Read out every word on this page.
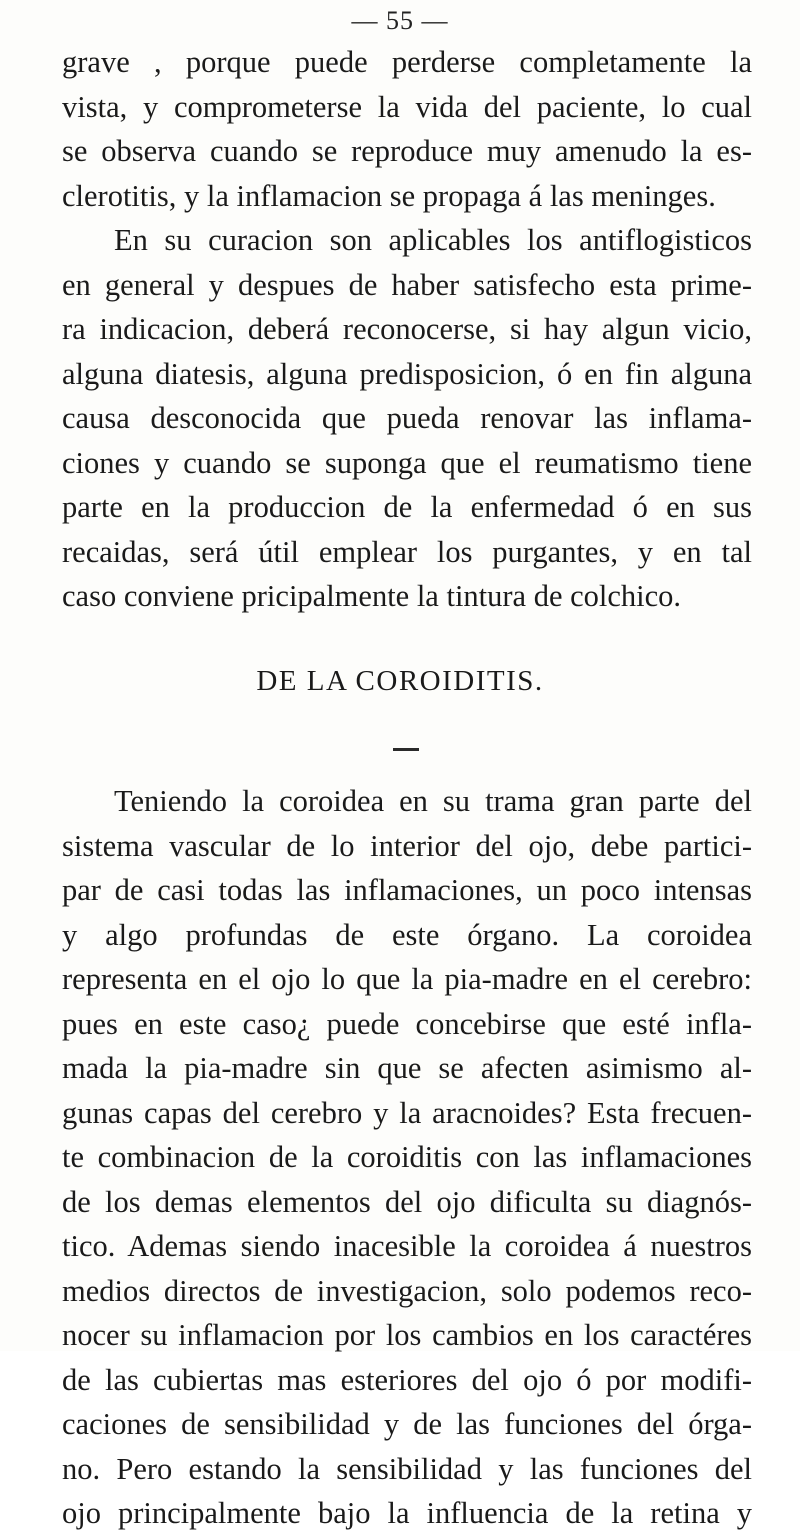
— 55 —
grave , porque puede perderse completamente la
vista, y comprometerse la vida del paciente, lo cual
se observa cuando se reproduce muy amenudo la es-
clerotitis, y la inflamacion se propaga á las meninges.
En su curacion son aplicables los antiflogisticos
en general y despues de haber satisfecho esta prime-
ra indicacion, deberá reconocerse, si hay algun vicio,
alguna diatesis, alguna predisposicion, ó en fin alguna
causa desconocida que pueda renovar las inflama-
ciones y cuando se suponga que el reumatismo tiene
parte en la produccion de la enfermedad ó en sus
recaidas, será útil emplear los purgantes, y en tal
caso conviene pricipalmente la tintura de colchico.
DE LA COROIDITIS.
Teniendo la coroidea en su trama gran parte del
sistema vascular de lo interior del ojo, debe partici-
par de casi todas las inflamaciones, un poco intensas
y algo profundas de este órgano. La coroidea
representa en el ojo lo que la pia-madre en el cerebro:
pues en este caso¿ puede concebirse que esté infla-
mada la pia-madre sin que se afecten asimismo al-
gunas capas del cerebro y la aracnoides? Esta frecuen-
te combinacion de la coroiditis con las inflamaciones
de los demas elementos del ojo dificulta su diagnós-
tico. Ademas siendo inacesible la coroidea á nuestros
medios directos de investigacion, solo podemos reco-
nocer su inflamacion por los cambios en los caractéres
de las cubiertas mas esteriores del ojo ó por modifi-
caciones de sensibilidad y de las funciones del órga-
no. Pero estando la sensibilidad y las funciones del
ojo principalmente bajo la influencia de la retina y
